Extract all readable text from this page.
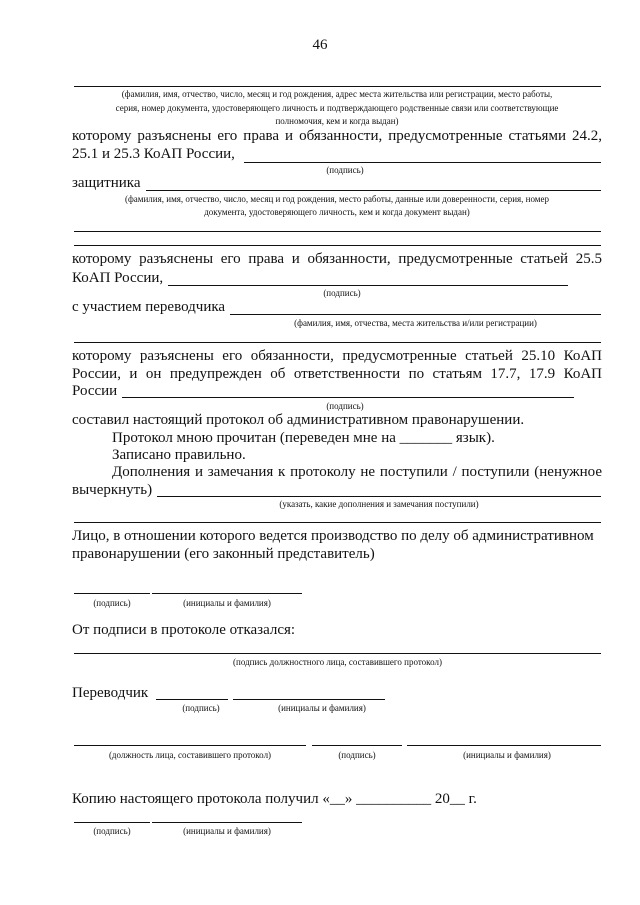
46
(фамилия, имя, отчество, число, месяц и год рождения, адрес места жительства или регистрации, место работы,
серия, номер документа, удостоверяющего личность и подтверждающего родственные связи или соответствующие
полномочия, кем и когда выдан)
которому разъяснены его права и обязанности, предусмотренные статьями 24.2,
25.1 и 25.3 КоАП России,
(подпись)
защитника
(фамилия, имя, отчество, число, месяц и год рождения, место работы, данные или доверенности, серия, номер
документа, удостоверяющего личность, кем и когда документ выдан)
которому разъяснены его права и обязанности, предусмотренные статьей 25.5
КоАП России,
(подпись)
с участием переводчика
(фамилия, имя, отчества, места жительства и/или регистрации)
которому разъяснены его обязанности, предусмотренные статьей 25.10 КоАП
России, и он предупрежден об ответственности по статьям 17.7, 17.9 КоАП
России
(подпись)
составил настоящий протокол об административном правонарушении.
Протокол мною прочитан (переведен мне на _______ язык).
Записано правильно.
Дополнения и замечания к протоколу не поступили / поступили (ненужное
вычеркнуть)
(указать, какие дополнения и замечания поступили)
Лицо, в отношении которого ведется производство по делу об административном
правонарушении (его законный представитель)
(подпись)	(инициалы и фамилия)
От подписи в протоколе отказался:
(подпись должностного лица, составившего протокол)
Переводчик
(подпись)	(инициалы и фамилия)
(должность лица, составившего протокол)	(подпись)	(инициалы и фамилия)
Копию настоящего протокола получил «__» __________ 20__ г.
(подпись)	(инициалы и фамилия)
